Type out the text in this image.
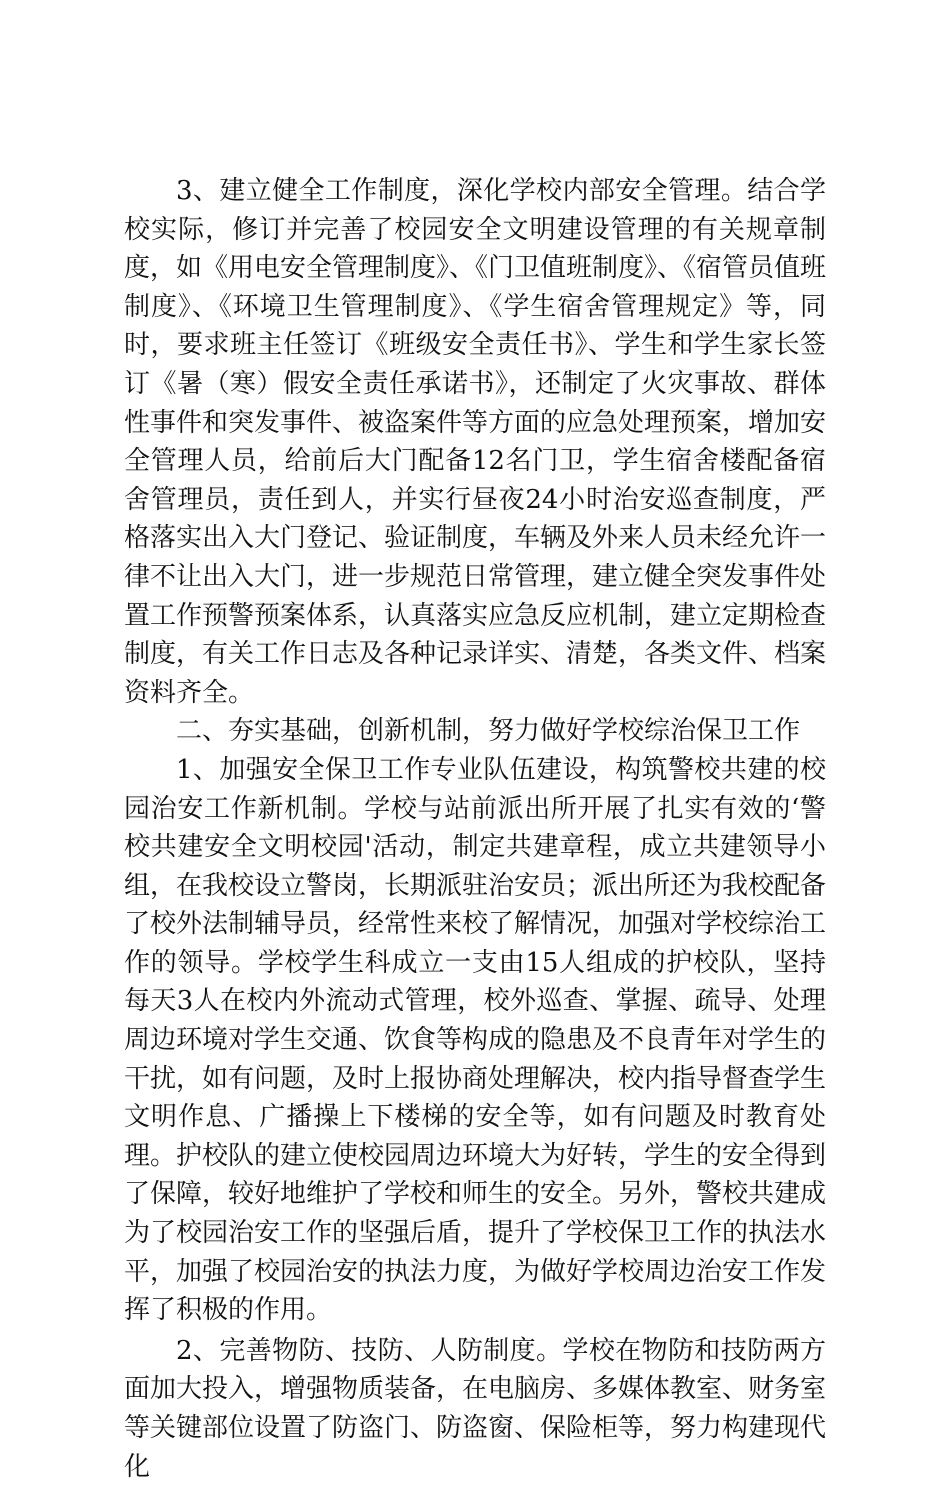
3、建立健全工作制度，深化学校内部安全管理。结合学校实际，修订并完善了校园安全文明建设管理的有关规章制度，如《用电安全管理制度》、《门卫值班制度》、《宿管员值班制度》、《环境卫生管理制度》、《学生宿舍管理规定》等，同时，要求班主任签订《班级安全责任书》、学生和学生家长签订《暑（寒）假安全责任承诺书》，还制定了火灾事故、群体性事件和突发事件、被盗案件等方面的应急处理预案，增加安全管理人员，给前后大门配备12名门卫，学生宿舍楼配备宿舍管理员，责任到人，并实行昼夜24小时治安巡查制度，严格落实出入大门登记、验证制度，车辆及外来人员未经允许一律不让出入大门，进一步规范日常管理，建立健全突发事件处置工作预警预案体系，认真落实应急反应机制，建立定期检查制度，有关工作日志及各种记录详实、清楚，各类文件、档案资料齐全。

二、夯实基础，创新机制，努力做好学校综治保卫工作

1、加强安全保卫工作专业队伍建设，构筑警校共建的校园治安工作新机制。学校与站前派出所开展了扎实有效的‘警校共建安全文明校园'活动，制定共建章程，成立共建领导小组，在我校设立警岗，长期派驻治安员；派出所还为我校配备了校外法制辅导员，经常性来校了解情况，加强对学校综治工作的领导。学校学生科成立一支由15人组成的护校队，坚持每天3人在校内外流动式管理，校外巡查、掌握、疏导、处理周边环境对学生交通、饮食等构成的隐患及不良青年对学生的干扰，如有问题，及时上报协商处理解决，校内指导督查学生文明作息、广播操上下楼梯的安全等，如有问题及时教育处理。护校队的建立使校园周边环境大为好转，学生的安全得到了保障，较好地维护了学校和师生的安全。另外，警校共建成为了校园治安工作的坚强后盾，提升了学校保卫工作的执法水平，加强了校园治安的执法力度，为做好学校周边治安工作发挥了积极的作用。

2、完善物防、技防、人防制度。学校在物防和技防两方面加大投入，增强物质装备，在电脑房、多媒体教室、财务室等关键部位设置了防盗门、防盗窗、保险柜等，努力构建现代化
